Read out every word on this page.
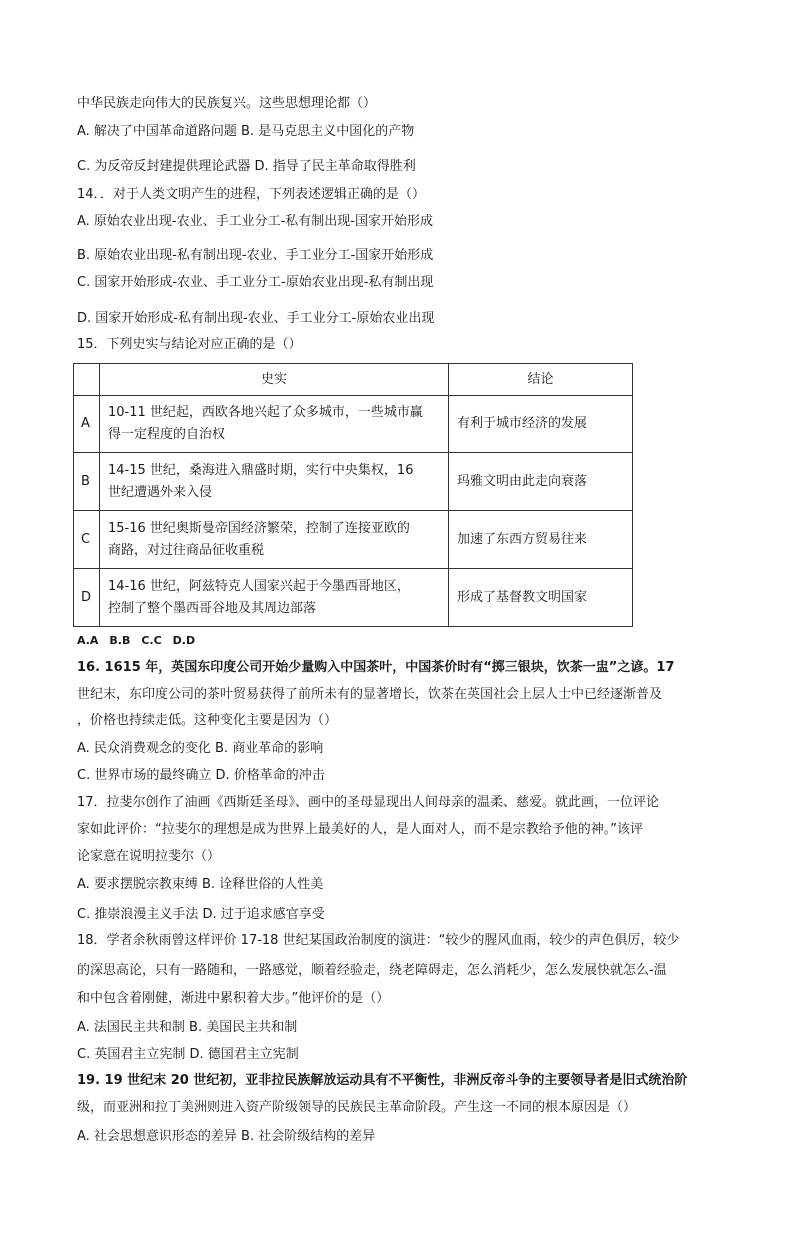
中华民族走向伟大的民族复兴。这些思想理论都（）
A. 解决了中国革命道路问题 B. 是马克思主义中国化的产物
C. 为反帝反封建提供理论武器 D. 指导了民主革命取得胜利
14．．对于人类文明产生的进程，下列表述逻辑正确的是（）
A. 原始农业出现-农业、手工业分工-私有制出现-国家开始形成
B. 原始农业出现-私有制出现-农业、手工业分工-国家开始形成
C. 国家开始形成-农业、手工业分工-原始农业出现-私有制出现
D. 国家开始形成-私有制出现-农业、手工业分工-原始农业出现
15．下列史实与结论对应正确的是（）
	史实	结论
A	10-11 世纪起，西欧各地兴起了众多城市，一些城市赢
得一定程度的自治权	有利于城市经济的发展
B	14-15 世纪，桑海进入鼎盛时期，实行中央集权，16
世纪遭遇外来入侵	玛雅文明由此走向衰落
C	15-16 世纪奥斯曼帝国经济繁荣，控制了连接亚欧的
商路，对过往商品征收重税	加速了东西方贸易往来
D	14-16 世纪，阿兹特克人国家兴起于今墨西哥地区，
控制了整个墨西哥谷地及其周边部落	形成了基督教文明国家
A.A　B.B　C.C　D.D
16. 1615 年，英国东印度公司开始少量购入中国茶叶，中国茶价时有“掷三银块，饮茶一盅”之谚。17
世纪末，东印度公司的茶叶贸易获得了前所未有的显著增长，饮茶在英国社会上层人士中已经逐渐普及
，价格也持续走低。这种变化主要是因为（）
A. 民众消费观念的变化 B. 商业革命的影响
C. 世界市场的最终确立 D. 价格革命的冲击
17．拉斐尔创作了油画《西斯廷圣母》、画中的圣母显现出人间母亲的温柔、慈爱。就此画，一位评论
家如此评价：“拉斐尔的理想是成为世界上最美好的人，是人面对人，而不是宗教给予他的神。”该评
论家意在说明拉斐尔（）
A. 要求摆脱宗教束缚 B. 诠释世俗的人性美
C. 推崇浪漫主义手法 D. 过于追求感官享受
18．学者余秋雨曾这样评价 17-18 世纪某国政治制度的演进：“较少的腥风血雨，较少的声色俱厉，较少
的深思高论，只有一路随和，一路感觉，顺着经验走，绕老障碍走，怎么消耗少，怎么发展快就怎么-温
和中包含着刚健，渐进中累积着大步。”他评价的是（）
A. 法国民主共和制 B. 美国民主共和制
C. 英国君主立宪制 D. 德国君主立宪制
19. 19 世纪末 20 世纪初，亚非拉民族解放运动具有不平衡性，非洲反帝斗争的主要领导者是旧式统治阶
级，而亚洲和拉丁美洲则进入资产阶级领导的民族民主革命阶段。产生这一不同的根本原因是（）
A. 社会思想意识形态的差异 B. 社会阶级结构的差异
